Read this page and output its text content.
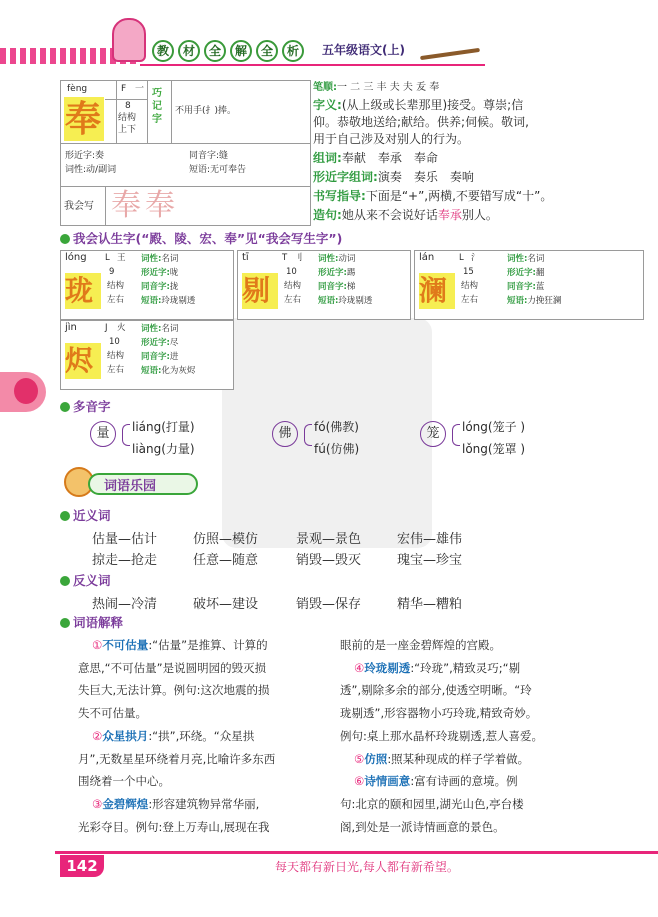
教	材	全	解	全	析	五年级语文(上)
fèng
奉
F 一
8
结构
上下
巧记字
不用手(扌)捧。
形近字:奏	同音字:缝
词性:动/副词	短语:无可奉告
我会写 奉奉
笔顺:一 二 三 丰 夫 夫 叐 奉
字义:(从上级或长辈那里)接受。尊崇;信
仰。恭敬地送给;献给。供养;伺候。敬词,
用于自己涉及对别人的行为。
组词:奉献　奉承　奉命
形近字组词:演奏　奏乐　奏响
书写指导:下面是“+”,两横,不要错写成“十”。
造句:她从来不会说好话奉承别人。
我会认生字(“殿、陵、宏、奉”见“我会写生字”)
多音字
词语乐园
近义词
反义词
词语解释
142	每天都有新日光,每人都有新希望。
lóng L 王
珑
9
结构
左右
词性:名词
形近字:咙
同音字:拢
短语:玲珑剔透
tī	T 刂
剔
10
结构
左右
词性:动词
形近字:踢
同音字:梯
短语:玲珑剔透
lán	L 氵
澜
15
结构
左右
词性:名词
形近字:翻
同音字:蓝
短语:力挽狂澜
jìn	J 火
烬
10
结构
左右
词性:名词
形近字:尽
同音字:进
短语:化为灰烬
量	liáng(打量)
liàng(力量)
佛	fó(佛教)
fú(仿佛)
笼	lóng(笼子 )
lǒng(笼罩 )
估量—估计	仿照—模仿	景观—景色	宏伟—雄伟
掠走—抢走	任意—随意	销毁—毁灭	瑰宝—珍宝
热闹—冷清	破坏—建设	销毁—保存	精华—糟粕
①不可估量:“估量”是推算、计算的
意思,“不可估量”是说圆明园的毁灭损
失巨大,无法计算。例句:这次地震的损
失不可估量。
②众星拱月:“拱”,环绕。“众星拱
月”,无数星星环绕着月亮,比喻许多东西
围绕着一个中心。
③金碧辉煌:形容建筑物异常华丽,
光彩夺目。例句:登上万寿山,展现在我
眼前的是一座金碧辉煌的宫殿。
④玲珑剔透:“玲珑”,精致灵巧;“剔
透”,剔除多余的部分,使透空明晰。“玲
珑剔透”,形容器物小巧玲珑,精致奇妙。
例句:桌上那水晶杯玲珑剔透,惹人喜爱。
⑤仿照:照某种现成的样子学着做。
⑥诗情画意:富有诗画的意境。例
句:北京的颐和园里,湖光山色,亭台楼
阁,到处是一派诗情画意的景色。
